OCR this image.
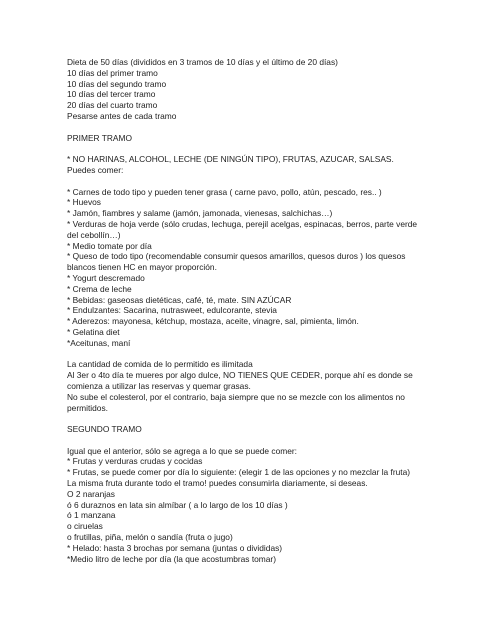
Dieta de 50 días (divididos en 3 tramos de 10 días y el último de 20 días)
10 días del primer tramo
10 días del segundo tramo
10 días del tercer tramo
20 días del cuarto tramo
Pesarse antes de cada tramo
PRIMER TRAMO
* NO HARINAS, ALCOHOL, LECHE (DE NINGÚN TIPO), FRUTAS, AZUCAR, SALSAS.
Puedes comer:
* Carnes de todo tipo y pueden tener grasa ( carne pavo, pollo, atún, pescado, res.. )
* Huevos
* Jamón, fiambres y salame (jamón, jamonada, vienesas, salchichas…)
* Verduras de hoja verde (sólo crudas, lechuga, perejil acelgas, espinacas, berros, parte verde del cebollín…)
* Medio tomate por día
* Queso de todo tipo (recomendable consumir quesos amarillos, quesos duros ) los quesos blancos tienen HC en mayor proporción.
* Yogurt descremado
* Crema de leche
* Bebidas: gaseosas dietéticas, café, té, mate. SIN AZÚCAR
* Endulzantes: Sacarina, nutrasweet, edulcorante, stevia
* Aderezos: mayonesa, kétchup, mostaza, aceite, vinagre, sal, pimienta, limón.
* Gelatina diet
*Aceitunas, maní
La cantidad de comida de lo permitido es ilimitada
Al 3er o 4to día te mueres por algo dulce, NO TIENES QUE CEDER, porque ahí es donde se comienza a utilizar las reservas y quemar grasas.
No sube el colesterol, por el contrario, baja siempre que no se mezcle con los alimentos no permitidos.
SEGUNDO TRAMO
Igual que el anterior, sólo se agrega a lo que se puede comer:
* Frutas y verduras crudas y cocidas
* Frutas, se puede comer por día lo siguiente: (elegir 1 de las opciones y no mezclar la fruta)
La misma fruta durante todo el tramo! puedes consumirla diariamente, si deseas.
O 2 naranjas
ó 6 duraznos en lata sin almíbar ( a lo largo de los 10 días )
ó 1 manzana
o ciruelas
o frutillas, piña, melón o sandía (fruta o jugo)
* Helado: hasta 3 brochas por semana (juntas o divididas)
*Medio litro de leche por día (la que acostumbras tomar)
